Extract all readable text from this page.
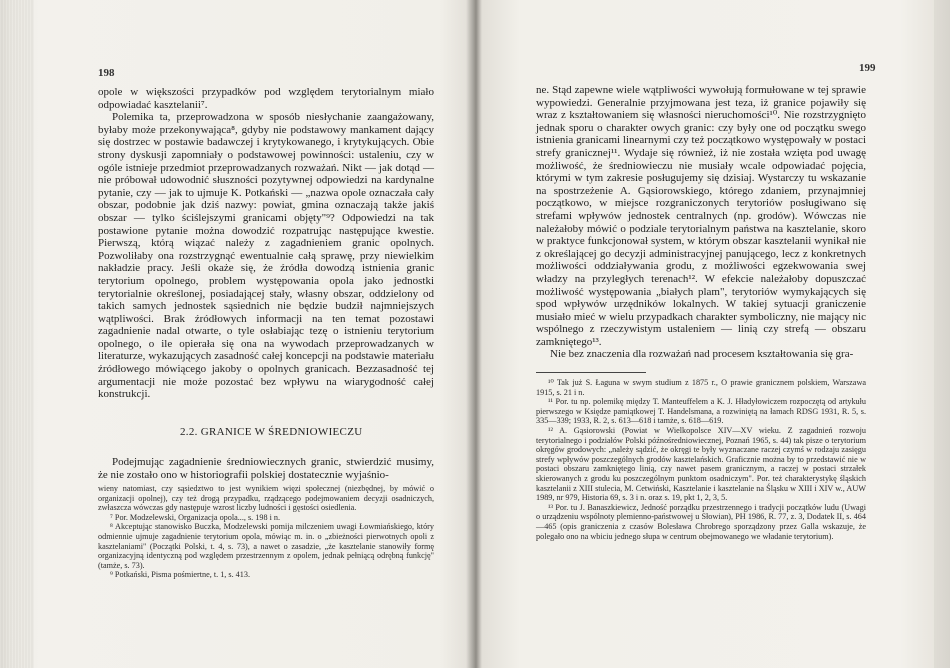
198

opole w większości przypadków pod względem terytorialnym miało odpowiadać kasztelanii⁷.

Polemika ta, przeprowadzona w sposób niesłychanie zaangażowany, byłaby może przekonywająca⁸, gdyby nie podstawowy mankament dający się dostrzec w postawie badawczej i krytykowanego, i krytykujących. Obie strony dyskusji zapomniały o podstawowej powinności: ustaleniu, czy w ogóle istnieje przedmiot przeprowadzanych rozważań. Nikt — jak dotąd — nie próbował udowodnić słuszności pozytywnej odpowiedzi na kardynalne pytanie, czy — jak to ujmuje K. Potkański — „nazwa opole oznaczała cały obszar, podobnie jak dziś nazwy: powiat, gmina oznaczają także jakiś obszar — tylko ściślejszymi granicami objęty"⁹? Odpowiedzi na tak postawione pytanie można dowodzić rozpatrując następujące kwestie. Pierwszą, którą wiązać należy z zagadnieniem granic opolnych. Pozwoliłaby ona rozstrzygnąć ewentualnie całą sprawę, przy niewielkim nakładzie pracy. Jeśli okaże się, że źródła dowodzą istnienia granic terytorium opolnego, problem występowania opola jako jednostki terytorialnie określonej, posiadającej stały, własny obszar, oddzielony od takich samych jednostek sąsiednich nie będzie budził najmniejszych wątpliwości. Brak źródłowych informacji na ten temat pozostawi zagadnienie nadal otwarte, o tyle osłabiając tezę o istnieniu terytorium opolnego, o ile opierała się ona na wywodach przeprowadzanych w literaturze, wykazujących zasadność całej koncepcji na podstawie materiału źródłowego mówiącego jakoby o opolnych granicach. Bezzasadność tej argumentacji nie może pozostać bez wpływu na wiarygodność całej konstrukcji.

2.2. GRANICE W ŚREDNIOWIECZU

Podejmując zagadnienie średniowiecznych granic, stwierdzić musimy, że nie zostało ono w historiografii polskiej dostatecznie wyjaśnio-

wieny natomiast, czy sąsiedztwo to jest wynikiem więzi społecznej (niezbędnej, by mówić o organizacji opolnej), czy też drogą przypadku, rządzącego podejmowaniem decyzji osadniczych, zwłaszcza wówczas gdy następuje wzrost liczby ludności i gęstości osiedlenia.

⁷ Por. Modzelewski, Organizacja opola..., s. 198 i n.

⁸ Akceptując stanowisko Buczka, Modzelewski pomija milczeniem uwagi Łowmiańskiego, który odmiennie ujmuje zagadnienie terytorium opola, mówiąc m. in. o „zbieżności pierwotnych opoli z kasztelaniami" (Początki Polski, t. 4, s. 73), a nawet o zasadzie, „że kasztelanie stanowiły formę organizacyjną identyczną pod względem przestrzennym z opolem, jednak pełniącą odrębną funkcję" (tamże, s. 73).

⁹ Potkański, Pisma pośmiertne, t. 1, s. 413.

199

ne. Stąd zapewne wiele wątpliwości wywołują formułowane w tej sprawie wypowiedzi. Generalnie przyjmowana jest teza, iż granice pojawiły się wraz z kształtowaniem się własności nieruchomości¹⁰. Nie rozstrzygnięto jednak sporu o charakter owych granic: czy były one od początku swego istnienia granicami linearnymi czy też początkowo występowały w postaci strefy granicznej¹¹. Wydaje się również, iż nie została wzięta pod uwagę możliwość, że średniowieczu nie musiały wcale odpowiadać pojęcia, którymi w tym zakresie posługujemy się dzisiaj. Wystarczy tu wskazanie na spostrzeżenie A. Gąsiorowskiego, którego zdaniem, przynajmniej początkowo, w miejsce rozgraniczonych terytoriów posługiwano się strefami wpływów jednostek centralnych (np. grodów). Wówczas nie należałoby mówić o podziale terytorialnym państwa na kasztelanie, skoro w praktyce funkcjonował system, w którym obszar kasztelanii wynikał nie z określającej go decyzji administracyjnej panującego, lecz z konkretnych możliwości oddziaływania grodu, z możliwości egzekwowania swej władzy na przyległych terenach¹². W efekcie należałoby dopuszczać możliwość występowania „białych plam", terytoriów wymykających się spod wpływów urzędników lokalnych. W takiej sytuacji graniczenie musiało mieć w wielu przypadkach charakter symboliczny, nie mający nic wspólnego z rzeczywistym ustaleniem — linią czy strefą — obszaru zamkniętego¹³.

Nie bez znaczenia dla rozważań nad procesem kształtowania się gra-

¹⁰ Tak już S. Łaguna w swym studium z 1875 r., O prawie granicznem polskiem, Warszawa 1915, s. 21 i n.

¹¹ Por. tu np. polemikę między T. Manteuffelem a K. J. Hładyłowiczem rozpoczętą od artykułu pierwszego w Księdze pamiątkowej T. Handelsmana, a rozwiniętą na łamach RDSG 1931, R. 5, s. 335—339; 1933, R. 2, s. 613—618 i tamże, s. 618—619.

¹² A. Gąsiorowski (Powiat w Wielkopolsce XIV—XV wieku. Z zagadnień rozwoju terytorialnego i podziałów Polski późnośredniowiecznej, Poznań 1965, s. 44) tak pisze o terytorium okręgów grodowych: „należy sądzić, że okręgi te były wyznaczane raczej czymś w rodzaju zasięgu strefy wpływów poszczególnych grodów kasztelańskich. Graficznie można by to przedstawić nie w postaci obszaru zamkniętego linią, czy nawet pasem granicznym, a raczej w postaci strzałek skierowanych z grodu ku poszczególnym punktom osadniczym". Por. też charakterystykę śląskich kasztelanii z XIII stulecia, M. Cetwiński, Kasztelanie i kasztelanie na Śląsku w XIII i XIV w., AUW 1989, nr 979, Historia 69, s. 3 i n. oraz s. 19, pkt 1, 2, 3, 5.

¹³ Por. tu J. Banaszkiewicz, Jedność porządku przestrzennego i tradycji początków ludu (Uwagi o urządzeniu wspólnoty plemienno-państwowej u Słowian), PH 1986, R. 77, z. 3, Dodatek II, s. 464—465 (opis graniczenia z czasów Bolesława Chrobrego sporządzony przez Galla wskazuje, że polegało ono na wbiciu jednego słupa w centrum obejmowanego we władanie terytorium).
